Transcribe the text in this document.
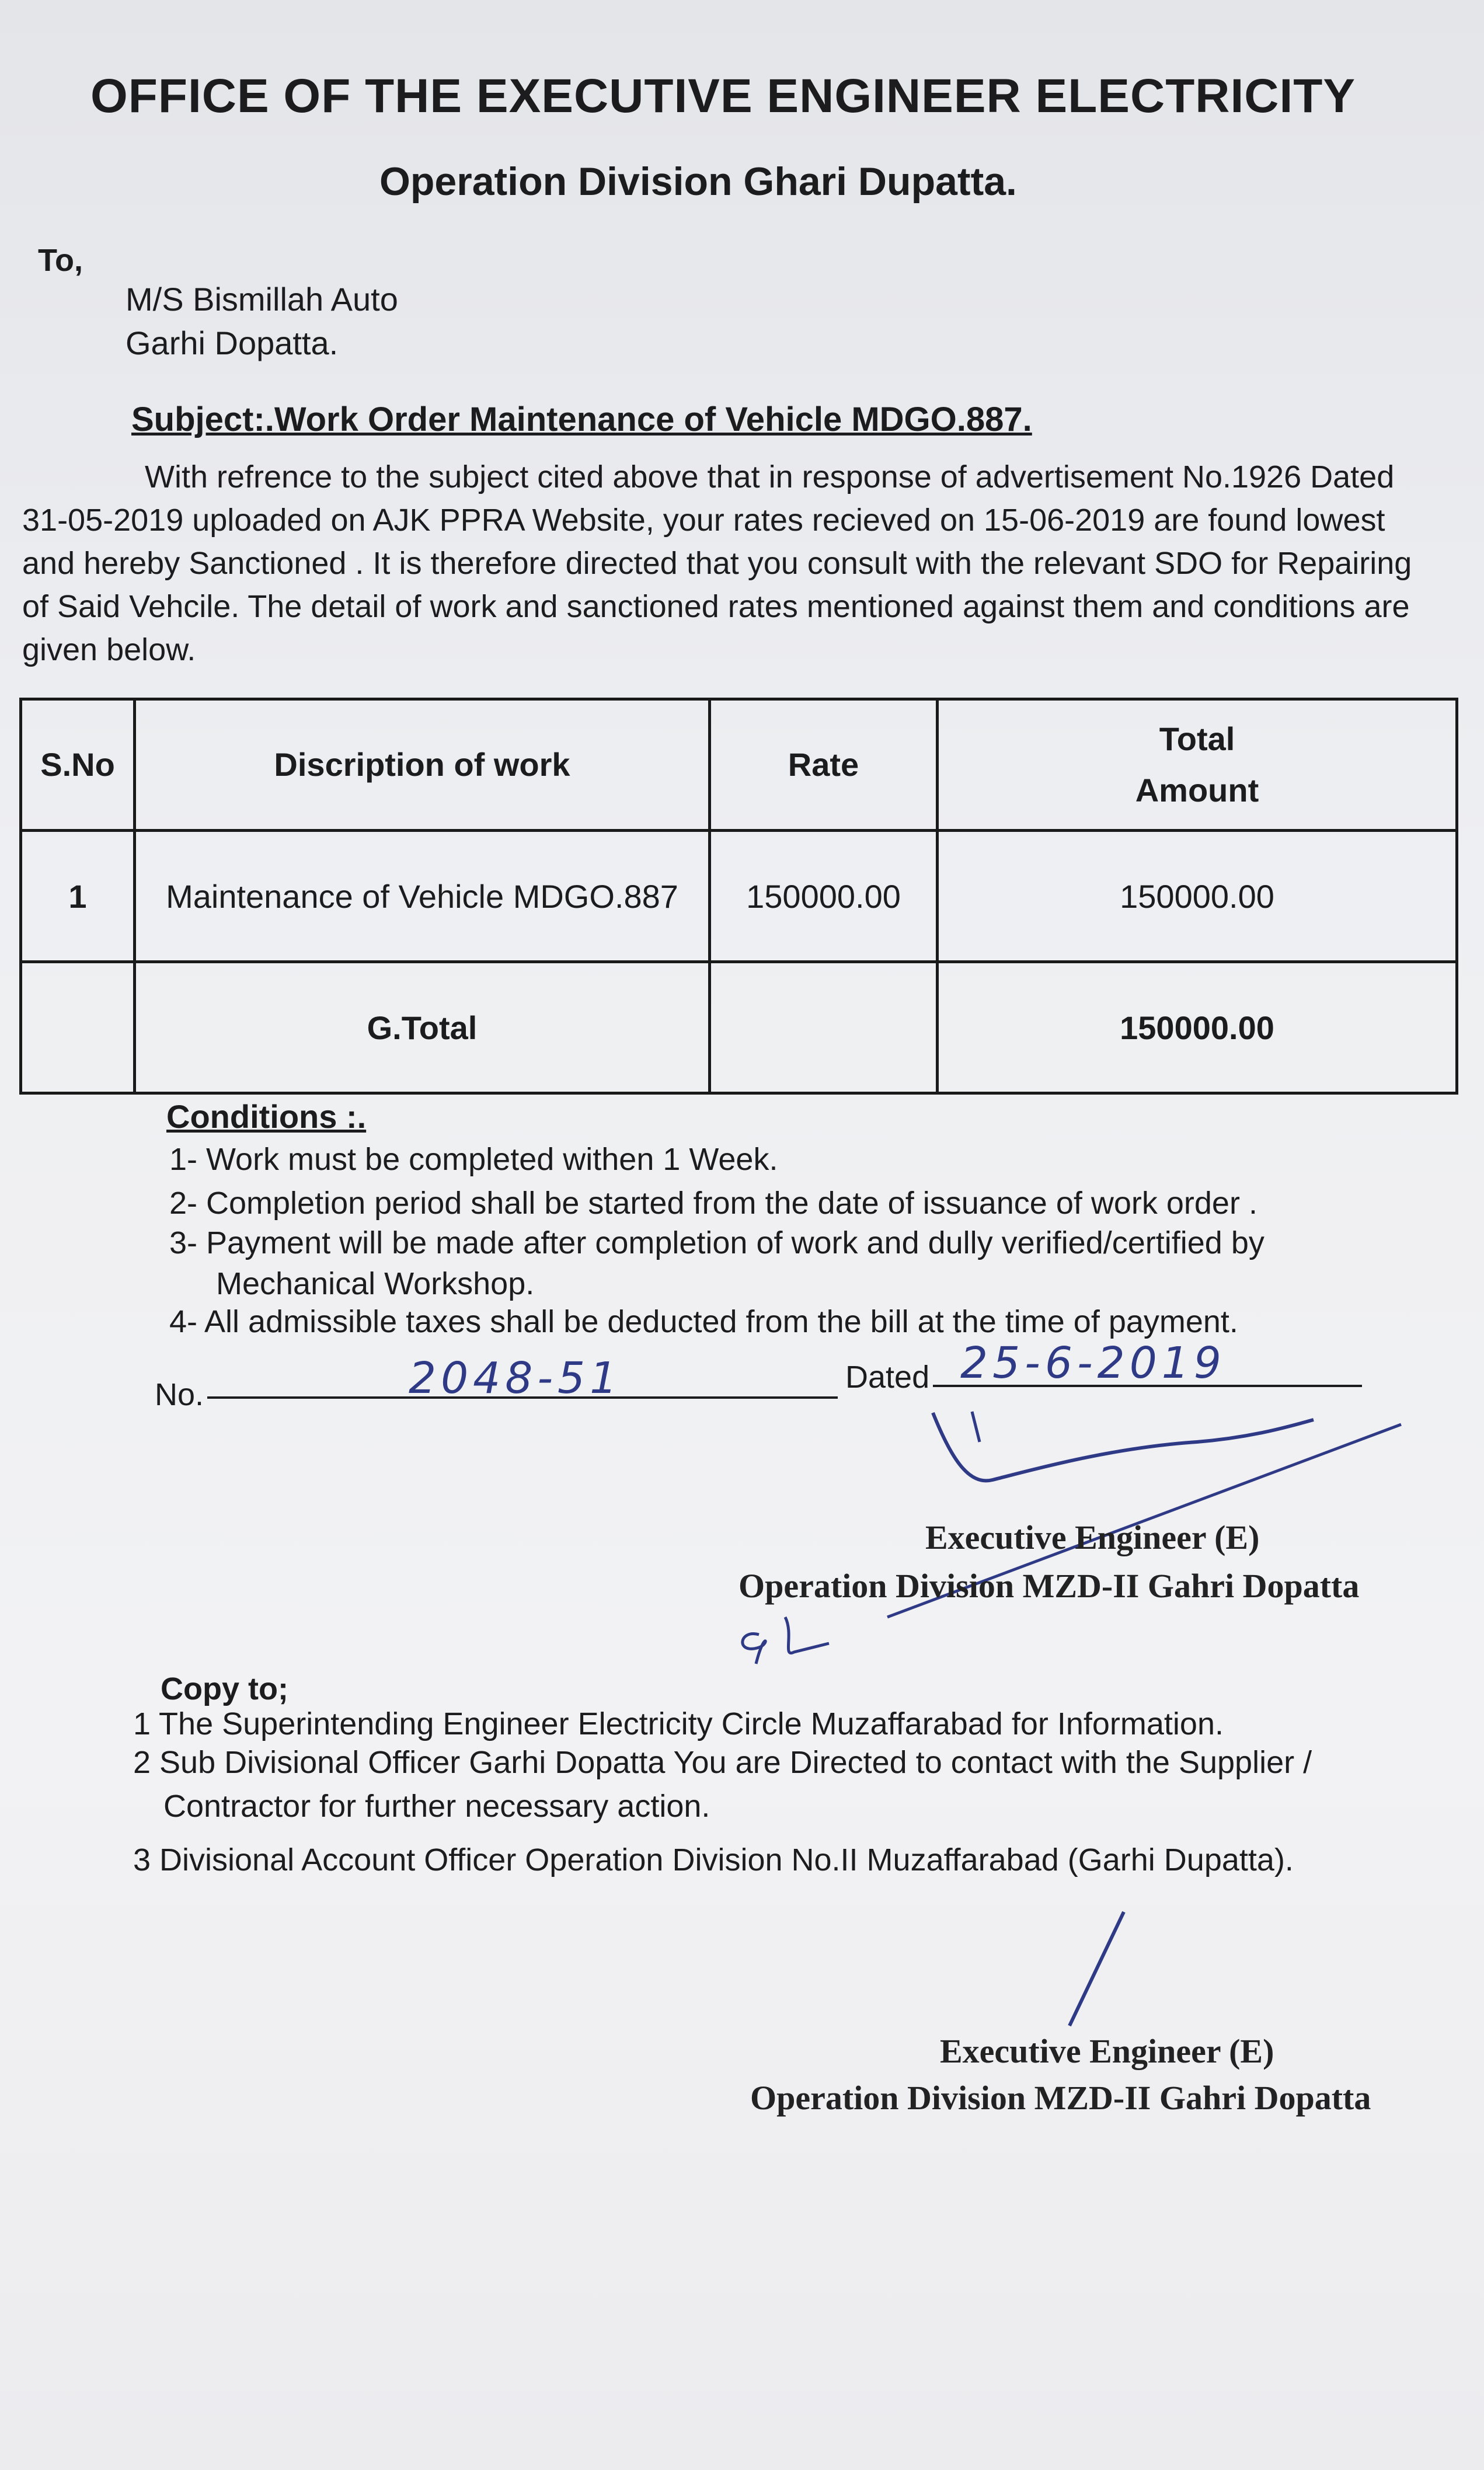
OFFICE OF THE EXECUTIVE ENGINEER ELECTRICITY
Operation Division Ghari Dupatta.
To,
M/S Bismillah Auto
Garhi Dopatta.
Subject:.Work Order Maintenance of Vehicle MDGO.887.
With refrence to the subject cited above that in response of advertisement No.1926 Dated 31-05-2019 uploaded on AJK PPRA Website, your rates recieved on 15-06-2019 are found lowest and hereby Sanctioned . It is therefore directed that you consult with the relevant SDO for Repairing of Said Vehcile. The detail of work and sanctioned rates mentioned against them and conditions are given below.
S.No	Discription of work	Rate	Total
Amount

1	Maintenance of Vehicle MDGO.887	150000.00	150000.00
	G.Total		150000.00
Conditions :.
1- Work must be completed withen 1 Week.
2- Completion period shall be started from the date of issuance of work order .
3- Payment will be made after completion of work and dully verified/certified by
Mechanical Workshop.
4- All admissible taxes shall be deducted from the bill at the time of payment.
No.	2048-51	Dated 25-6-2019
Executive Engineer (E)
Operation Division MZD-II Gahri Dopatta
Copy to;
1 The Superintending Engineer Electricity Circle Muzaffarabad for Information.
2 Sub Divisional Officer Garhi Dopatta You are Directed to contact with the Supplier /
Contractor for further necessary action.
3 Divisional Account Officer Operation Division No.II Muzaffarabad (Garhi Dupatta).
Executive Engineer (E)
Operation Division MZD-II Gahri Dopatta
